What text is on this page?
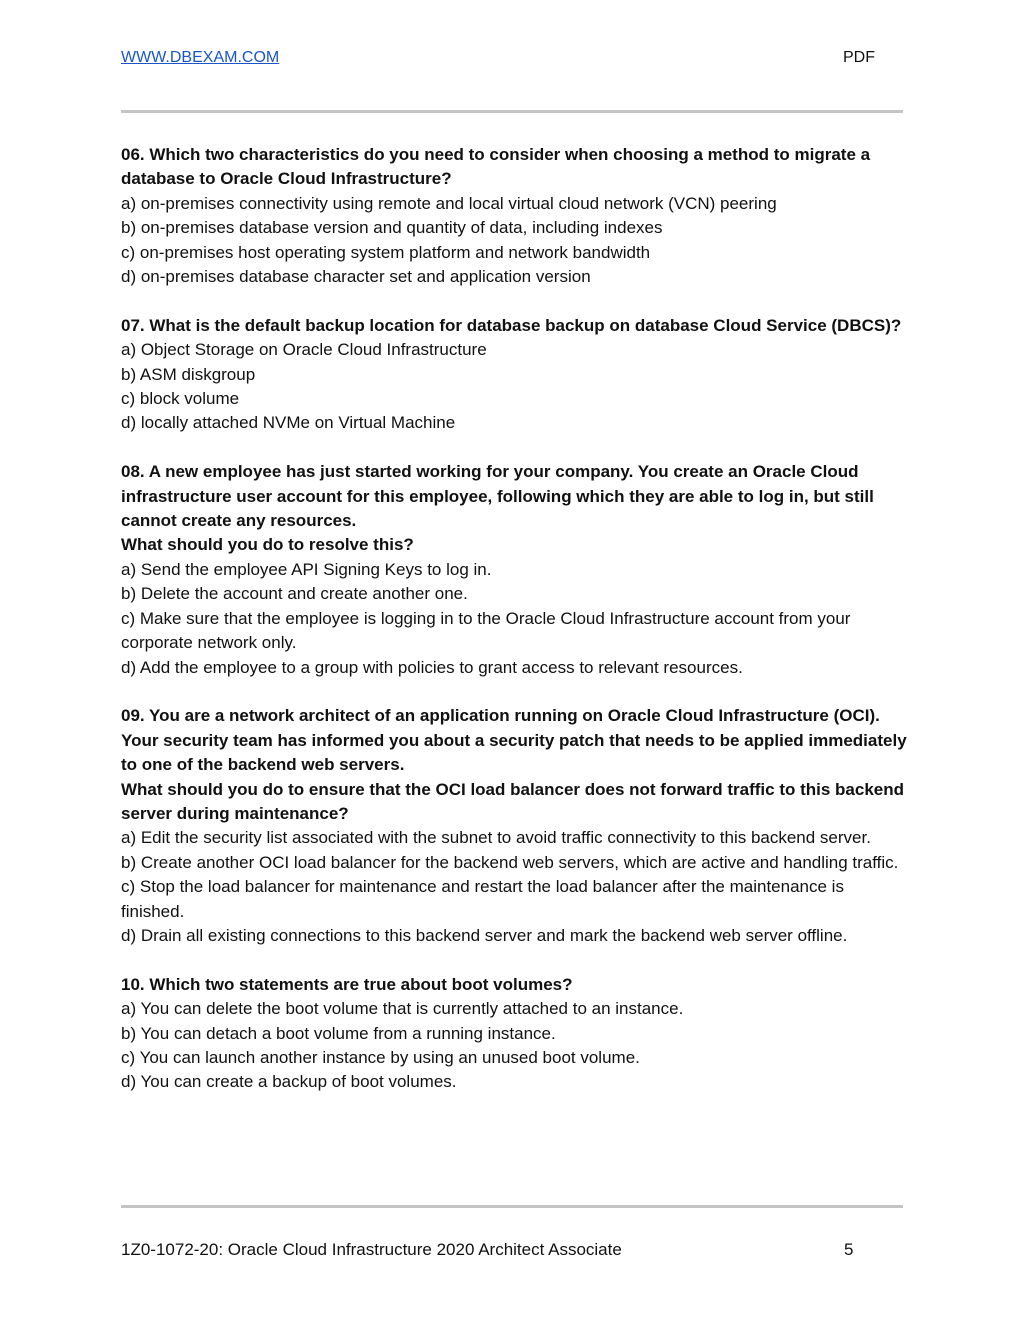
WWW.DBEXAM.COM	PDF
06. Which two characteristics do you need to consider when choosing a method to migrate a database to Oracle Cloud Infrastructure?
a) on-premises connectivity using remote and local virtual cloud network (VCN) peering
b) on-premises database version and quantity of data, including indexes
c) on-premises host operating system platform and network bandwidth
d) on-premises database character set and application version
07. What is the default backup location for database backup on database Cloud Service (DBCS)?
a) Object Storage on Oracle Cloud Infrastructure
b) ASM diskgroup
c) block volume
d) locally attached NVMe on Virtual Machine
08. A new employee has just started working for your company. You create an Oracle Cloud infrastructure user account for this employee, following which they are able to log in, but still cannot create any resources.
What should you do to resolve this?
a) Send the employee API Signing Keys to log in.
b) Delete the account and create another one.
c) Make sure that the employee is logging in to the Oracle Cloud Infrastructure account from your corporate network only.
d) Add the employee to a group with policies to grant access to relevant resources.
09. You are a network architect of an application running on Oracle Cloud Infrastructure (OCI). Your security team has informed you about a security patch that needs to be applied immediately to one of the backend web servers.
What should you do to ensure that the OCI load balancer does not forward traffic to this backend server during maintenance?
a) Edit the security list associated with the subnet to avoid traffic connectivity to this backend server.
b) Create another OCI load balancer for the backend web servers, which are active and handling traffic.
c) Stop the load balancer for maintenance and restart the load balancer after the maintenance is finished.
d) Drain all existing connections to this backend server and mark the backend web server offline.
10. Which two statements are true about boot volumes?
a) You can delete the boot volume that is currently attached to an instance.
b) You can detach a boot volume from a running instance.
c) You can launch another instance by using an unused boot volume.
d) You can create a backup of boot volumes.
1Z0-1072-20: Oracle Cloud Infrastructure 2020 Architect Associate	5
